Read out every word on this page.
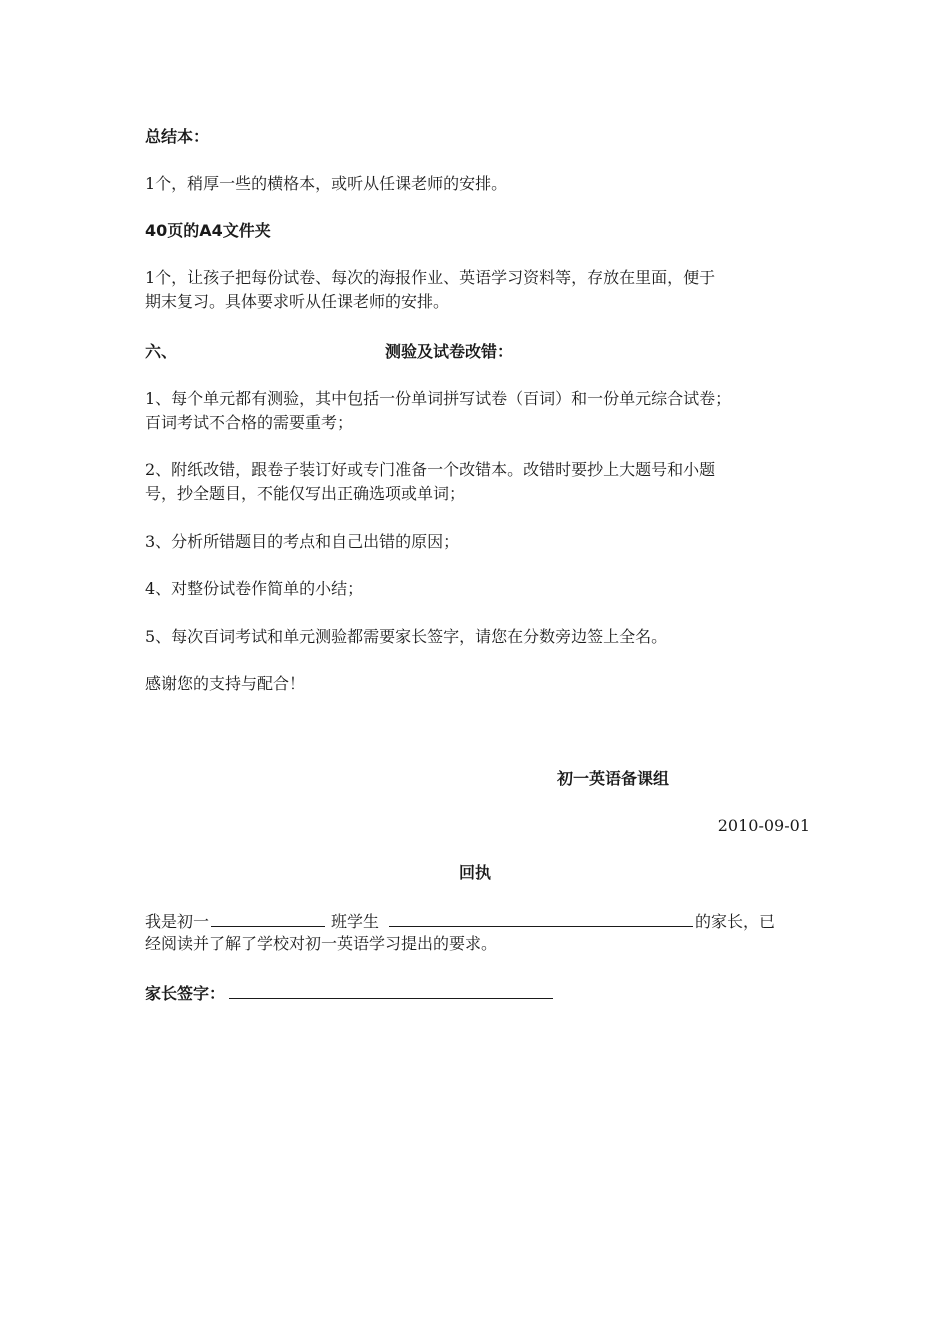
总结本：
1个，稍厚一些的横格本，或听从任课老师的安排。
40页的A4文件夹
1个，让孩子把每份试卷、每次的海报作业、英语学习资料等，存放在里面，便于
期末复习。具体要求听从任课老师的安排。
六、	测验及试卷改错：
1、每个单元都有测验，其中包括一份单词拼写试卷（百词）和一份单元综合试卷；
百词考试不合格的需要重考；
2、附纸改错，跟卷子装订好或专门准备一个改错本。改错时要抄上大题号和小题
号，抄全题目，不能仅写出正确选项或单词；
3、分析所错题目的考点和自己出错的原因；
4、对整份试卷作简单的小结；
5、每次百词考试和单元测验都需要家长签字，请您在分数旁边签上全名。
感谢您的支持与配合！
初一英语备课组
2010-09-01
回执
我是初一	班学生	的家长，已
经阅读并了解了学校对初一英语学习提出的要求。
家长签字：
